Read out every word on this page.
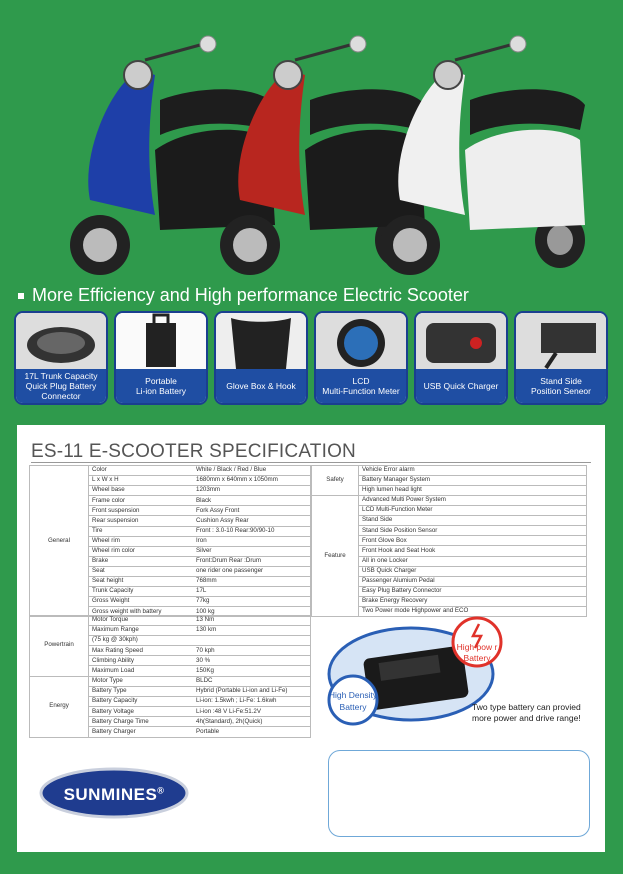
More Efficiency and High performance Electric Scooter
17L Trunk Capacity
Quick Plug Battery Connector
Portable
Li-ion Battery	Glove Box & Hook	LCD
Multi-Function Meter	USB Quick Charger	Stand Side
Position Seneor
ES-11 E-SCOOTER SPECIFICATION
General	Color	White / Black / Red / Blue
	L x W x H	1680mm x 640mm x 1050mm
	Wheel base	1203mm
	Frame color	Black
	Front suspension	Fork Assy Front
	Rear suspension	Cushion Assy Rear
	Tire	Front : 3.0-10 Rear:90/90-10
	Wheel rim	Iron
	Wheel rim color	Silver
	Brake	Front:Drum Rear :Drum
	Seat	one rider one passenger
	Seat height	768mm
	Trunk Capacity	17L
	Gross Weight	77kg
	Gross weight with battery	100 kg
Powertrain	Motor Torque	13 Nm
	Maximum Range	130 km
	(75 kg @ 30kph)	
	Max Rating Speed	70 kph
	Climbing Ability	30 %
	Maximum Load	150Kg
Energy	Motor Type	BLDC
	Battery Type	Hybrid (Portable Li-ion and Li-Fe)
	Battery Capacity	Li-ion: 1.5kwh ; Li-Fe: 1.6kwh
	Battery Voltage	Li-ion :48 V Li-Fe:51.2V
	Battery Charge Time	4h(Standard), 2h(Quick)
	Battery Charger	Portable
Safety	Vehicle Error alarm
Battery Manager System
High lumen head light
Feature	Advanced Multi Power System
LCD Multi-Function Meter
Stand Side
Stand Side Position Sensor
Front Glove Box
Front Hook and Seat Hook
All in one Locker
USB Quick Charger
Passenger Alumium Pedal
Easy Plug Battery Connector
Brake Energy Recovery
Two Power mode Highpower and ECO
High pow r
Battery
High Density
Battery	Two type battery can provied
more power and drive range!
SUNMINES®
